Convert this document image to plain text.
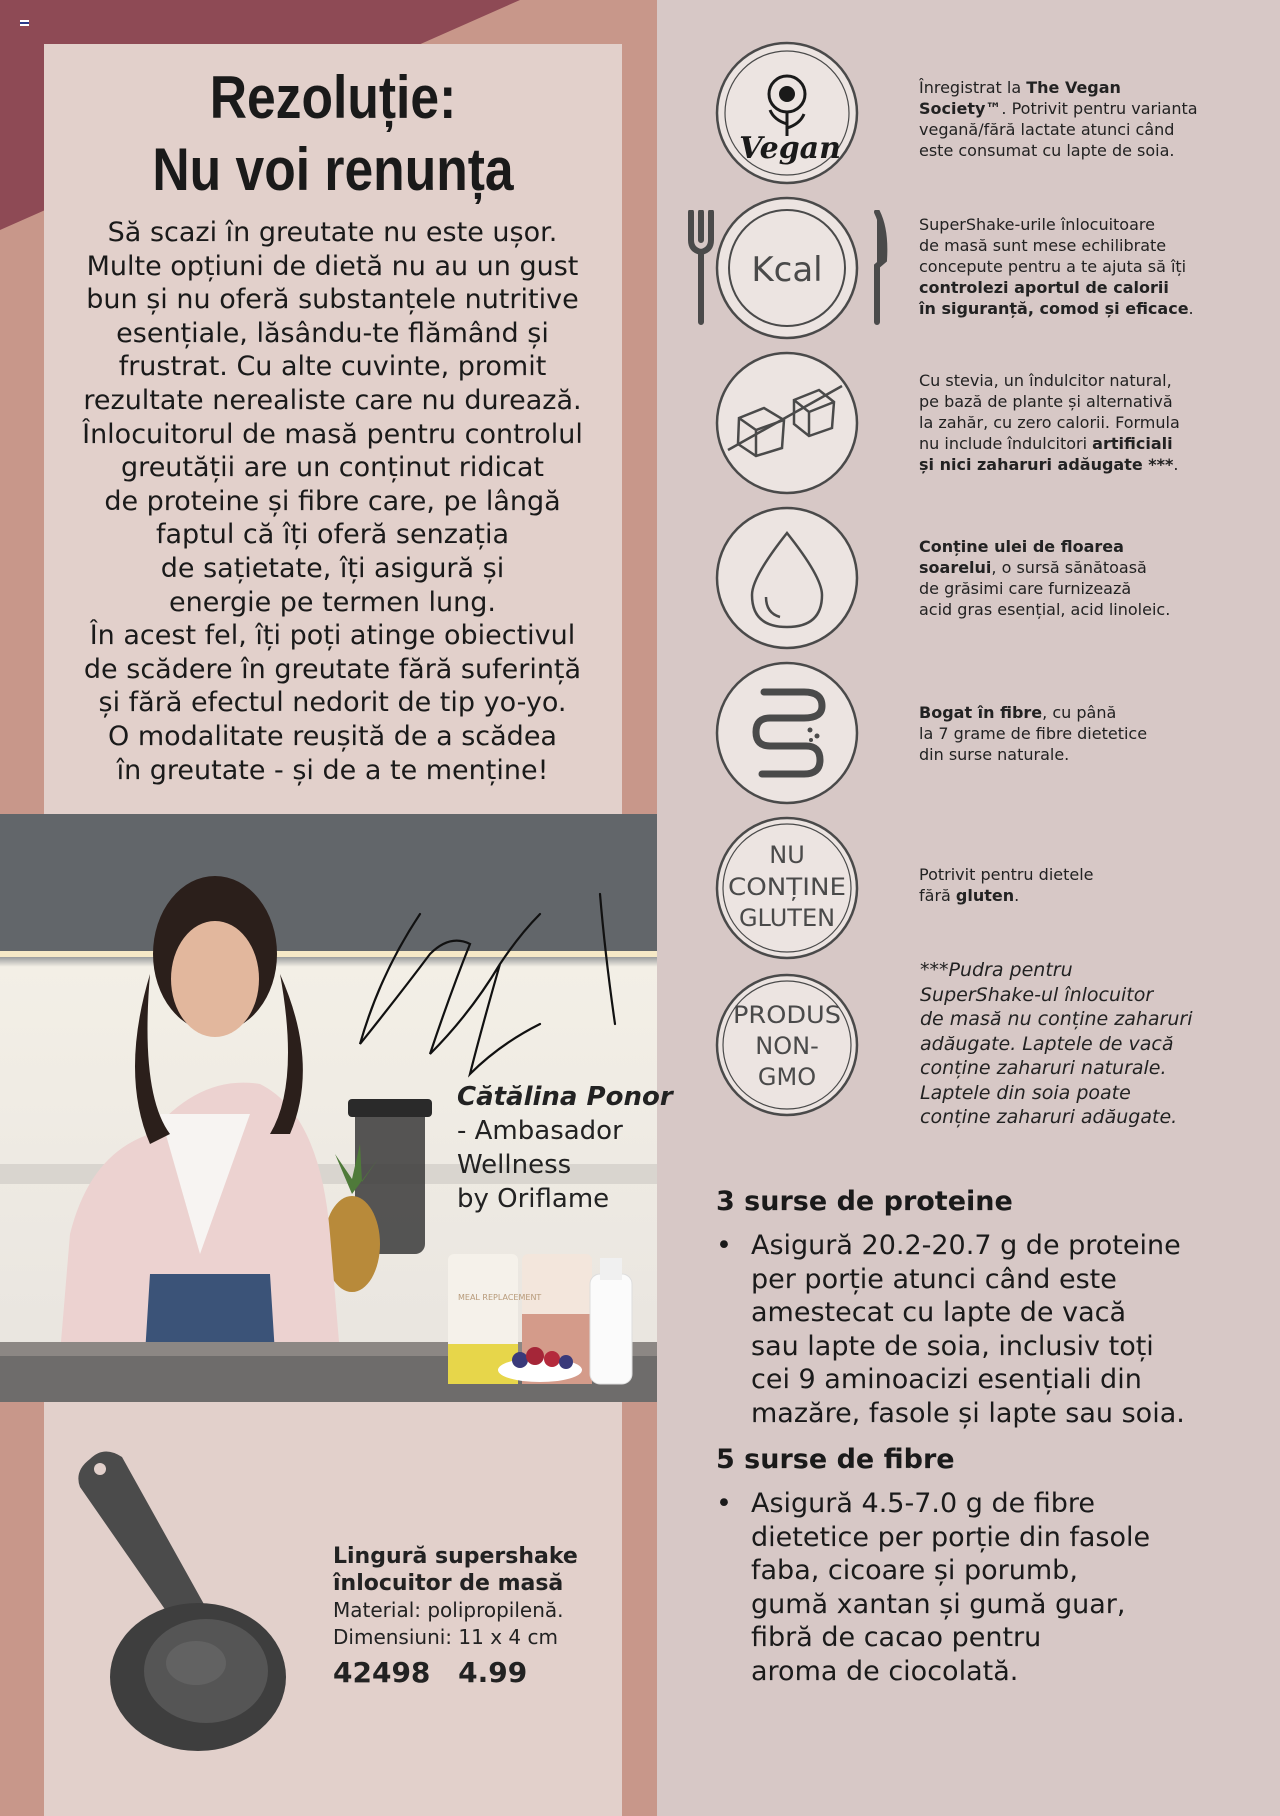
Rezoluție:
Nu voi renunța

Să scazi în greutate nu este ușor.
Multe opțiuni de dietă nu au un gust
bun și nu oferă substanțele nutritive
esențiale, lăsându-te flămând și
frustrat. Cu alte cuvinte, promit
rezultate nerealiste care nu durează.
Înlocuitorul de masă pentru controlul
greutății are un conținut ridicat
de proteine și fibre care, pe lângă
faptul că îți oferă senzația
de sațietate, îți asigură și
energie pe termen lung.
În acest fel, îți poți atinge obiectivul
de scădere în greutate fără suferință
și fără efectul nedorit de tip yo-yo.
O modalitate reușită de a scădea
în greutate - și de a te menține!

MEAL REPLACEMENT
Cătălina Ponor
- Ambasador
Wellness
by Oriflame
Lingură supershake
înlocuitor de masă
Material: polipropilenă.
Dimensiuni: 11 x 4 cm
42498 4.99
Vegan
Kcal
NU
CONȚINE
GLUTEN
PRODUS
NON-
GMO
Înregistrat la The Vegan
Society™. Potrivit pentru varianta
vegană/fără lactate atunci când
este consumat cu lapte de soia.
SuperShake-urile înlocuitoare
de masă sunt mese echilibrate
concepute pentru a te ajuta să îți
controlezi aportul de calorii
în siguranță, comod și eficace.
Cu stevia, un îndulcitor natural,
pe bază de plante și alternativă
la zahăr, cu zero calorii. Formula
nu include îndulcitori artificiali
și nici zaharuri adăugate ***.
Conține ulei de floarea
soarelui, o sursă sănătoasă
de grăsimi care furnizează
acid gras esențial, acid linoleic.
Bogat în fibre, cu până
la 7 grame de fibre dietetice
din surse naturale.
Potrivit pentru dietele
fără gluten.
***Pudra pentru
SuperShake-ul înlocuitor
de masă nu conține zaharuri
adăugate. Laptele de vacă
conține zaharuri naturale.
Laptele din soia poate
conține zaharuri adăugate.
3 surse de proteine
• Asigură 20.2-20.7 g de proteine
per porție atunci când este
amestecat cu lapte de vacă
sau lapte de soia, inclusiv toți
cei 9 aminoacizi esențiali din
mazăre, fasole și lapte sau soia.
5 surse de fibre
• Asigură 4.5-7.0 g de fibre
dietetice per porție din fasole
faba, cicoare și porumb,
gumă xantan și gumă guar,
fibră de cacao pentru
aroma de ciocolată.
